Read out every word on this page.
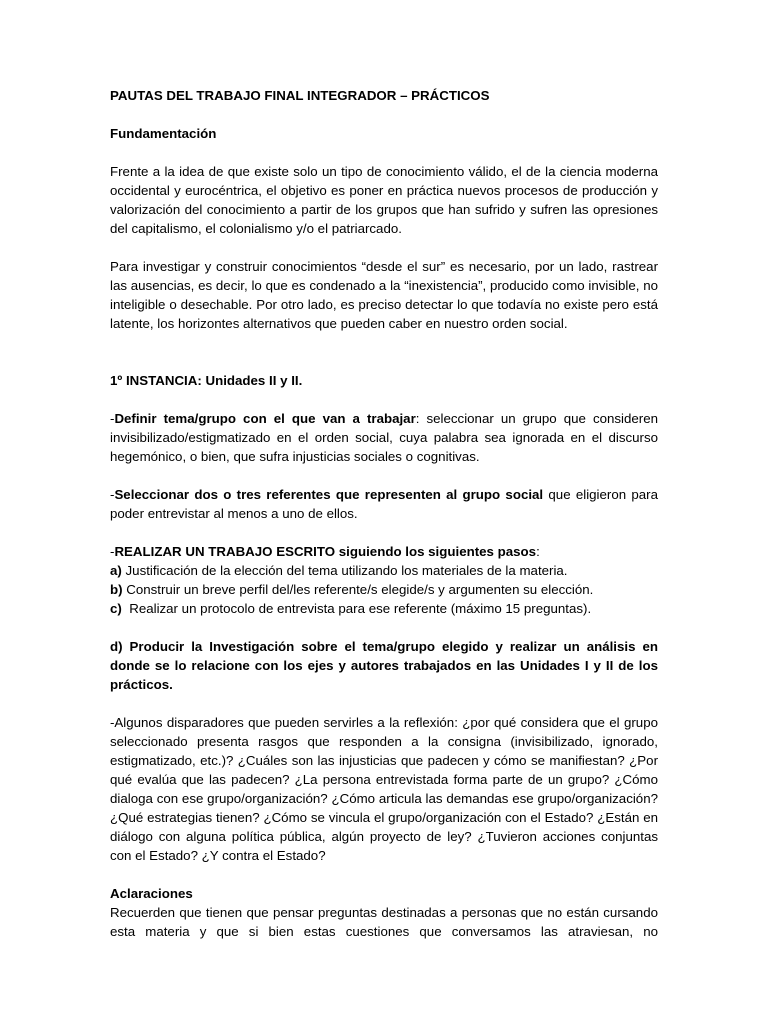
PAUTAS DEL TRABAJO FINAL INTEGRADOR – PRÁCTICOS

Fundamentación

Frente a la idea de que existe solo un tipo de conocimiento válido, el de la ciencia moderna occidental y eurocéntrica, el objetivo es poner en práctica nuevos procesos de producción y valorización del conocimiento a partir de los grupos que han sufrido y sufren las opresiones del capitalismo, el colonialismo y/o el patriarcado.

Para investigar y construir conocimientos “desde el sur” es necesario, por un lado, rastrear las ausencias, es decir, lo que es condenado a la “inexistencia”, producido como invisible, no inteligible o desechable. Por otro lado, es preciso detectar lo que todavía no existe pero está latente, los horizontes alternativos que pueden caber en nuestro orden social.

1º INSTANCIA: Unidades II y II.

-Definir tema/grupo con el que van a trabajar: seleccionar un grupo que consideren invisibilizado/estigmatizado en el orden social, cuya palabra sea ignorada en el discurso hegemónico, o bien, que sufra injusticias sociales o cognitivas.

-Seleccionar dos o tres referentes que representen al grupo social que eligieron para poder entrevistar al menos a uno de ellos.

-REALIZAR UN TRABAJO ESCRITO siguiendo los siguientes pasos:

a) Justificación de la elección del tema utilizando los materiales de la materia.

b) Construir un breve perfil del/les referente/s elegide/s y argumenten su elección.

c)  Realizar un protocolo de entrevista para ese referente (máximo 15 preguntas).

d) Producir la Investigación sobre el tema/grupo elegido y realizar un análisis en donde se lo relacione con los ejes y autores trabajados en las Unidades I y II de los prácticos.

-Algunos disparadores que pueden servirles a la reflexión: ¿por qué considera que el grupo seleccionado presenta rasgos que responden a la consigna (invisibilizado, ignorado, estigmatizado, etc.)? ¿Cuáles son las injusticias que padecen y cómo se manifiestan? ¿Por qué evalúa que las padecen? ¿La persona entrevistada forma parte de un grupo? ¿Cómo dialoga con ese grupo/organización? ¿Cómo articula las demandas ese grupo/organización? ¿Qué estrategias tienen? ¿Cómo se vincula el grupo/organización con el Estado? ¿Están en diálogo con alguna política pública, algún proyecto de ley? ¿Tuvieron acciones conjuntas con el Estado? ¿Y contra el Estado?

Aclaraciones

Recuerden que tienen que pensar preguntas destinadas a personas que no están cursando esta materia y que si bien estas cuestiones que conversamos las atraviesan, no
